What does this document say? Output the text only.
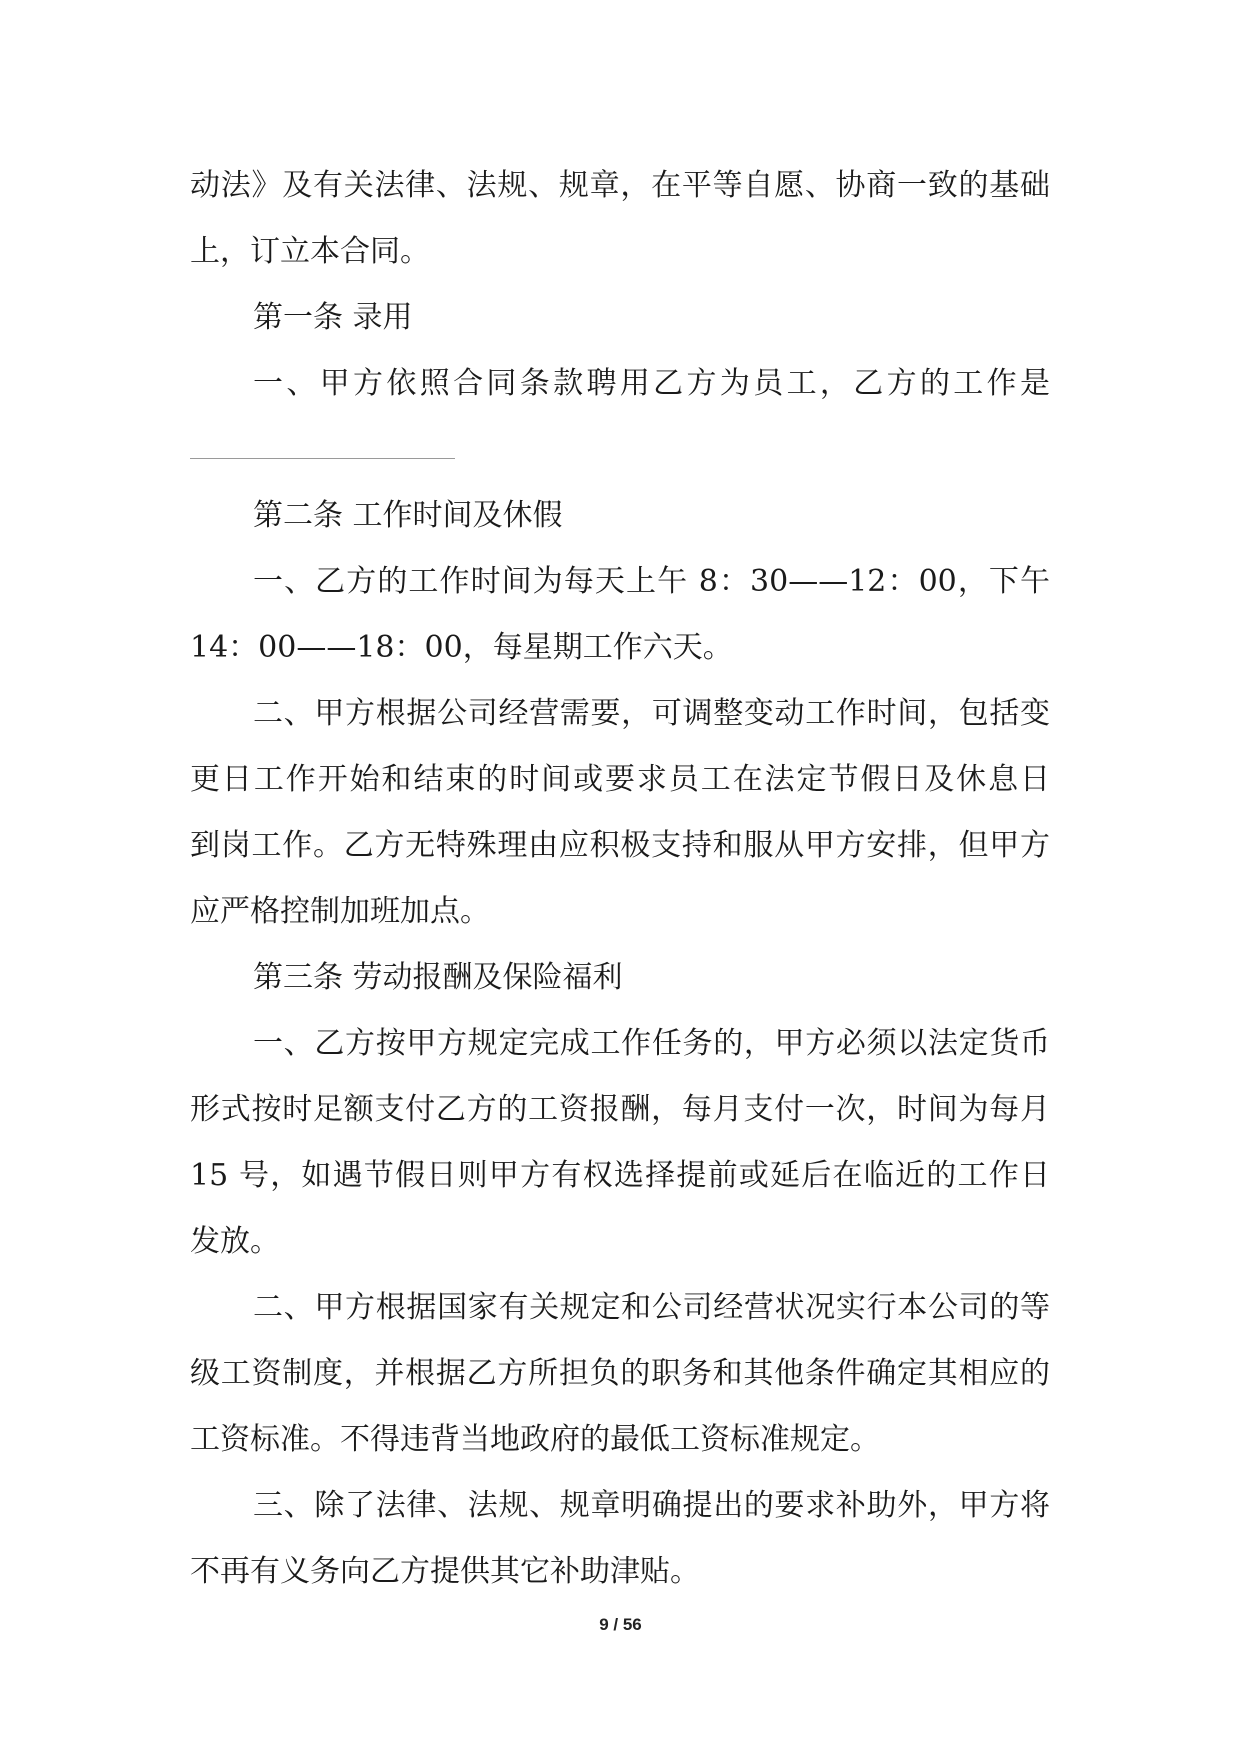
动法》及有关法律、法规、规章，在平等自愿、协商一致的基础
上，订立本合同。
第一条 录用
一、甲方依照合同条款聘用乙方为员工，乙方的工作是
第二条 工作时间及休假
一、乙方的工作时间为每天上午 8：30——12：00，下午
14：00——18：00，每星期工作六天。
二、甲方根据公司经营需要，可调整变动工作时间，包括变
更日工作开始和结束的时间或要求员工在法定节假日及休息日
到岗工作。乙方无特殊理由应积极支持和服从甲方安排，但甲方
应严格控制加班加点。
第三条 劳动报酬及保险福利
一、乙方按甲方规定完成工作任务的，甲方必须以法定货币
形式按时足额支付乙方的工资报酬，每月支付一次，时间为每月
15 号，如遇节假日则甲方有权选择提前或延后在临近的工作日
发放。
二、甲方根据国家有关规定和公司经营状况实行本公司的等
级工资制度，并根据乙方所担负的职务和其他条件确定其相应的
工资标准。不得违背当地政府的最低工资标准规定。
三、除了法律、法规、规章明确提出的要求补助外，甲方将
不再有义务向乙方提供其它补助津贴。
9 / 56
